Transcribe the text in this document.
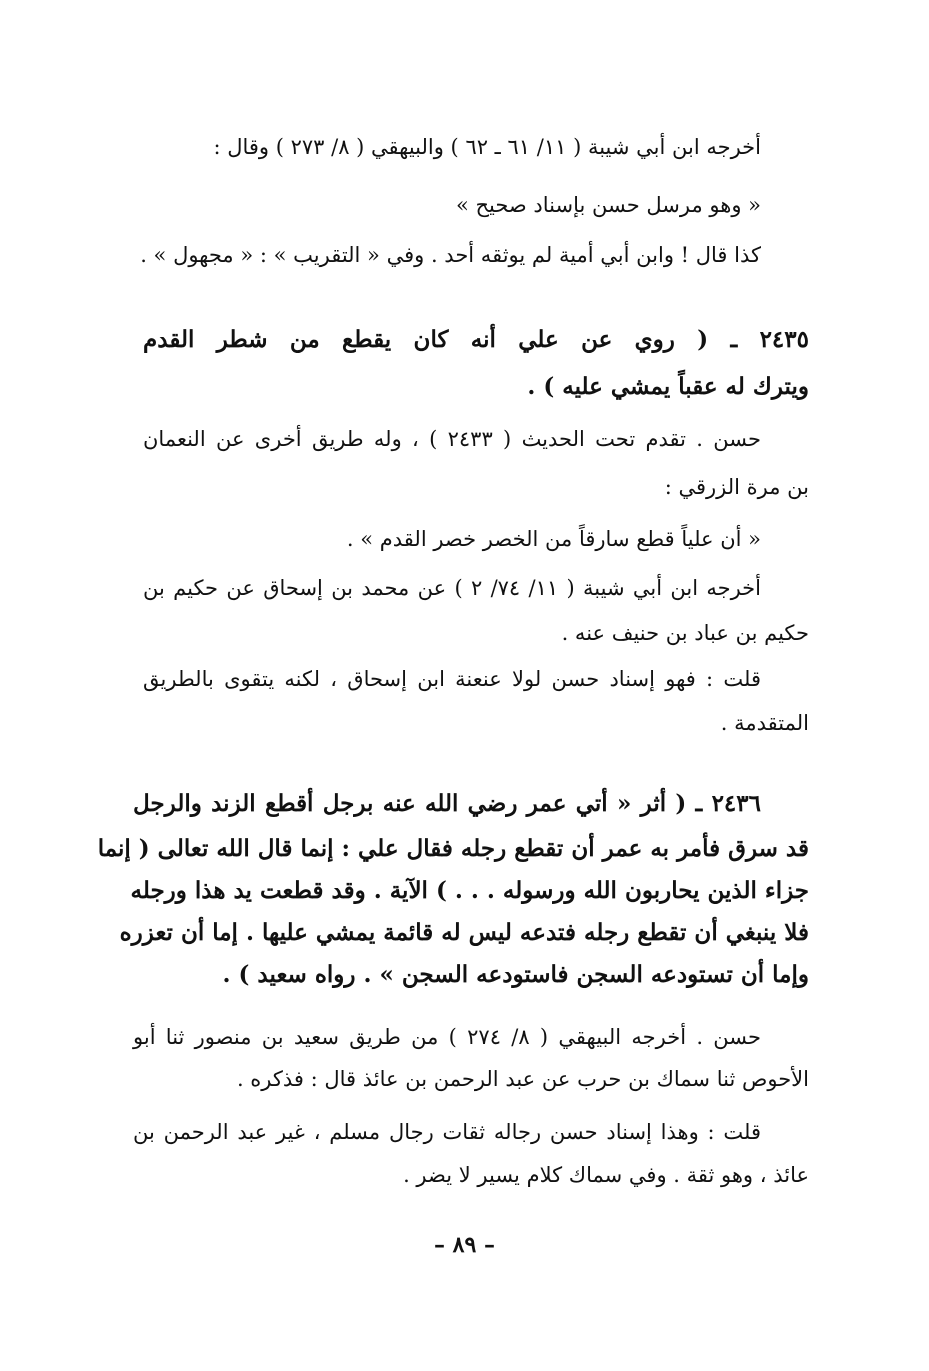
أخرجه ابن أبي شيبة ( ١١/ ٦١ ـ ٦٢ ) والبيهقي ( ٨/ ٢٧٣ ) وقال :
« وهو مرسل حسن بإسناد صحيح »
كذا قال ! وابن أبي أمية لم يوثقه أحد . وفي « التقريب » : « مجهول » .
٢٤٣٥ ـ ( روي عن علي أنه كان يقطع من شطر القدم
ويترك له عقباً يمشي عليه ) .
حسن . تقدم تحت الحديث ( ٢٤٣٣ ) ، وله طريق أخرى عن النعمان
بن مرة الزرقي :
« أن علياً قطع سارقاً من الخصر خصر القدم » .
أخرجه ابن أبي شيبة ( ١١/ ٧٤/ ٢ ) عن محمد بن إسحاق عن حكيم بن
حكيم بن عباد بن حنيف عنه .
قلت : فهو إسناد حسن لولا عنعنة ابن إسحاق ، لكنه يتقوى بالطريق
المتقدمة .
٢٤٣٦ ـ ( أثر « أتي عمر رضي الله عنه برجل أقطع الزند والرجل
قد سرق فأمر به عمر أن تقطع رجله فقال علي : إنما قال الله تعالى ( إنما
جزاء الذين يحاربون الله ورسوله . . . ) الآية . وقد قطعت يد هذا ورجله
فلا ينبغي أن تقطع رجله فتدعه ليس له قائمة يمشي عليها . إما أن تعزره
وإما أن تستودعه السجن فاستودعه السجن » . رواه سعيد ) .
حسن . أخرجه البيهقي ( ٨/ ٢٧٤ ) من طريق سعيد بن منصور ثنا أبو
الأحوص ثنا سماك بن حرب عن عبد الرحمن بن عائذ قال : فذكره .
قلت : وهذا إسناد حسن رجاله ثقات رجال مسلم ، غير عبد الرحمن بن
عائذ ، وهو ثقة . وفي سماك كلام يسير لا يضر .
– ٨٩ –
